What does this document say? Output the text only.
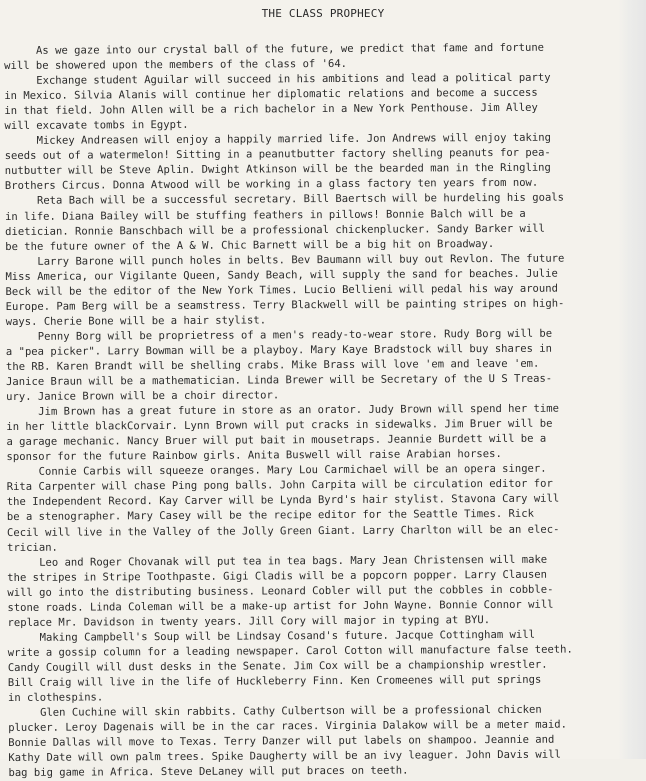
THE CLASS PROPHECY
As we gaze into our crystal ball of the future, we predict that fame and fortune
will be showered upon the members of the class of '64.
Exchange student Aguilar will succeed in his ambitions and lead a political party
in Mexico. Silvia Alanis will continue her diplomatic relations and become a success
in that field. John Allen will be a rich bachelor in a New York Penthouse. Jim Alley
will excavate tombs in Egypt.
Mickey Andreasen will enjoy a happily married life. Jon Andrews will enjoy taking
seeds out of a watermelon! Sitting in a peanutbutter factory shelling peanuts for pea-
nutbutter will be Steve Aplin. Dwight Atkinson will be the bearded man in the Ringling
Brothers Circus. Donna Atwood will be working in a glass factory ten years from now.
Reta Bach will be a successful secretary. Bill Baertsch will be hurdeling his goals
in life. Diana Bailey will be stuffing feathers in pillows! Bonnie Balch will be a
dietician. Ronnie Banschbach will be a professional chickenplucker. Sandy Barker will
be the future owner of the A & W. Chic Barnett will be a big hit on Broadway.
Larry Barone will punch holes in belts. Bev Baumann will buy out Revlon. The future
Miss America, our Vigilante Queen, Sandy Beach, will supply the sand for beaches. Julie
Beck will be the editor of the New York Times. Lucio Bellieni will pedal his way around
Europe. Pam Berg will be a seamstress. Terry Blackwell will be painting stripes on high-
ways. Cherie Bone will be a hair stylist.
Penny Borg will be proprietress of a men's ready-to-wear store. Rudy Borg will be
a "pea picker". Larry Bowman will be a playboy. Mary Kaye Bradstock will buy shares in
the RB. Karen Brandt will be shelling crabs. Mike Brass will love 'em and leave 'em.
Janice Braun will be a mathematician. Linda Brewer will be Secretary of the U S Treas-
ury. Janice Brown will be a choir director.
Jim Brown has a great future in store as an orator. Judy Brown will spend her time
in her little blackCorvair. Lynn Brown will put cracks in sidewalks. Jim Bruer will be
a garage mechanic. Nancy Bruer will put bait in mousetraps. Jeannie Burdett will be a
sponsor for the future Rainbow girls. Anita Buswell will raise Arabian horses.
Connie Carbis will squeeze oranges. Mary Lou Carmichael will be an opera singer.
Rita Carpenter will chase Ping pong balls. John Carpita will be circulation editor for
the Independent Record. Kay Carver will be Lynda Byrd's hair stylist. Stavona Cary will
be a stenographer. Mary Casey will be the recipe editor for the Seattle Times. Rick
Cecil will live in the Valley of the Jolly Green Giant. Larry Charlton will be an elec-
trician.
Leo and Roger Chovanak will put tea in tea bags. Mary Jean Christensen will make
the stripes in Stripe Toothpaste. Gigi Cladis will be a popcorn popper. Larry Clausen
will go into the distributing business. Leonard Cobler will put the cobbles in cobble-
stone roads. Linda Coleman will be a make-up artist for John Wayne. Bonnie Connor will
replace Mr. Davidson in twenty years. Jill Cory will major in typing at BYU.
Making Campbell's Soup will be Lindsay Cosand's future. Jacque Cottingham will
write a gossip column for a leading newspaper. Carol Cotton will manufacture false teeth.
Candy Cougill will dust desks in the Senate. Jim Cox will be a championship wrestler.
Bill Craig will live in the life of Huckleberry Finn. Ken Cromeenes will put springs
in clothespins.
Glen Cuchine will skin rabbits. Cathy Culbertson will be a professional chicken
plucker. Leroy Dagenais will be in the car races. Virginia Dalakow will be a meter maid.
Bonnie Dallas will move to Texas. Terry Danzer will put labels on shampoo. Jeannie and
Kathy Date will own palm trees. Spike Daugherty will be an ivy leaguer. John Davis will
bag big game in Africa. Steve DeLaney will put braces on teeth.
